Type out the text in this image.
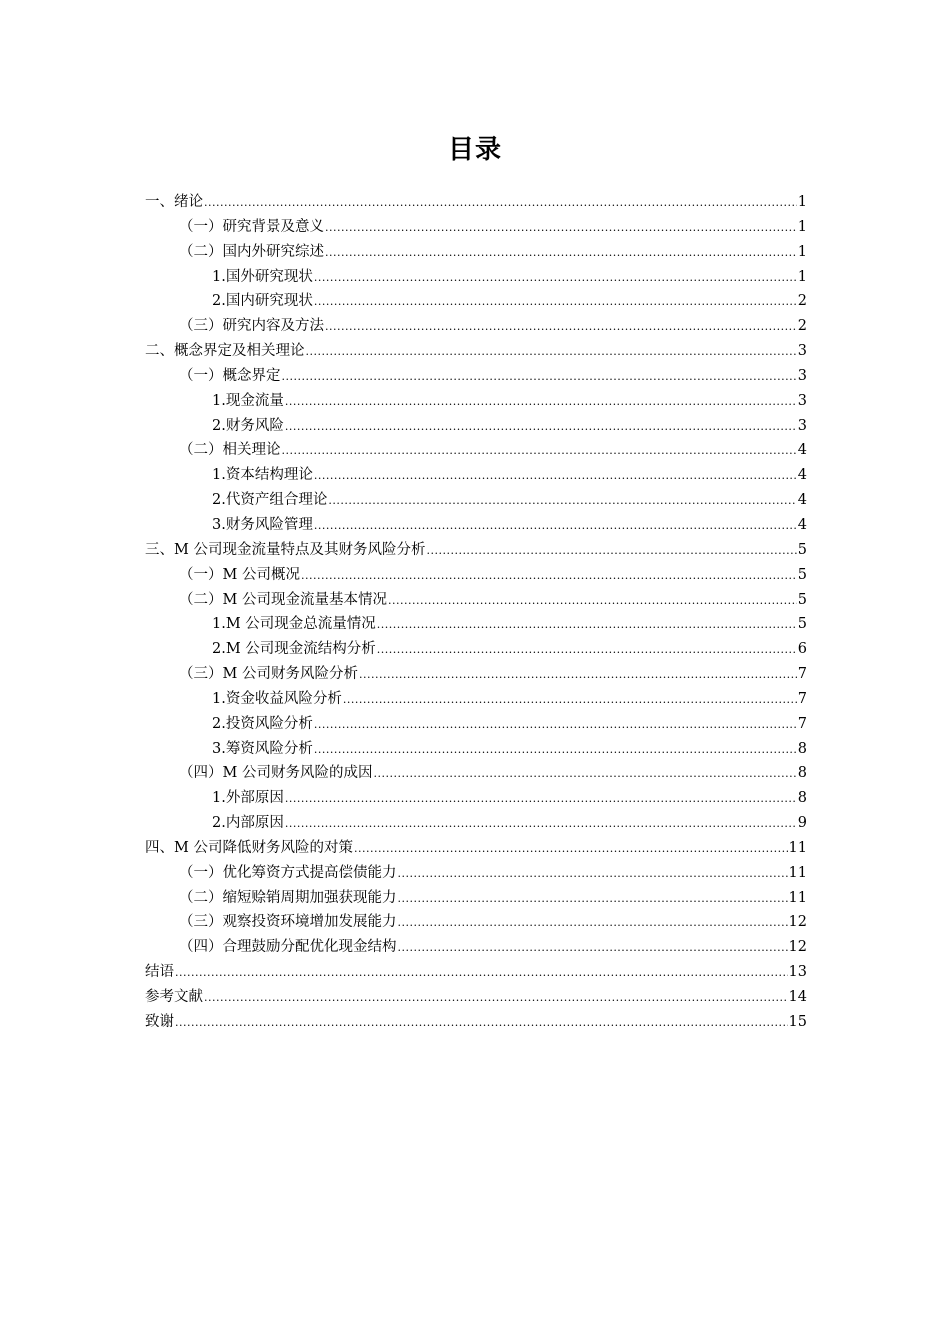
目录
一、绪论 .....	1
（一）研究背景及意义 .....	1
（二）国内外研究综述 .....	1
1.国外研究现状 .....	1
2.国内研究现状 .....	2
（三）研究内容及方法 .....	2
二、概念界定及相关理论 .....	3
（一）概念界定 .....	3
1.现金流量 .....	3
2.财务风险 .....	3
（二）相关理论 .....	4
1.资本结构理论 .....	4
2.代资产组合理论 .....	4
3.财务风险管理 .....	4
三、M 公司现金流量特点及其财务风险分析 .....	5
（一）M 公司概况 .....	5
（二）M 公司现金流量基本情况 .....	5
1.M 公司现金总流量情况 .....	5
2.M 公司现金流结构分析 .....	6
（三）M 公司财务风险分析 .....	7
1.资金收益风险分析 .....	7
2.投资风险分析 .....	7
3.筹资风险分析 .....	8
（四）M 公司财务风险的成因 .....	8
1.外部原因 .....	8
2.内部原因 .....	9
四、M 公司降低财务风险的对策 .....	11
（一）优化筹资方式提高偿债能力 .....	11
（二）缩短赊销周期加强获现能力 .....	11
（三）观察投资环境增加发展能力 .....	12
（四）合理鼓励分配优化现金结构 .....	12
结语 .....	13
参考文献 .....	14
致谢 .....	15
